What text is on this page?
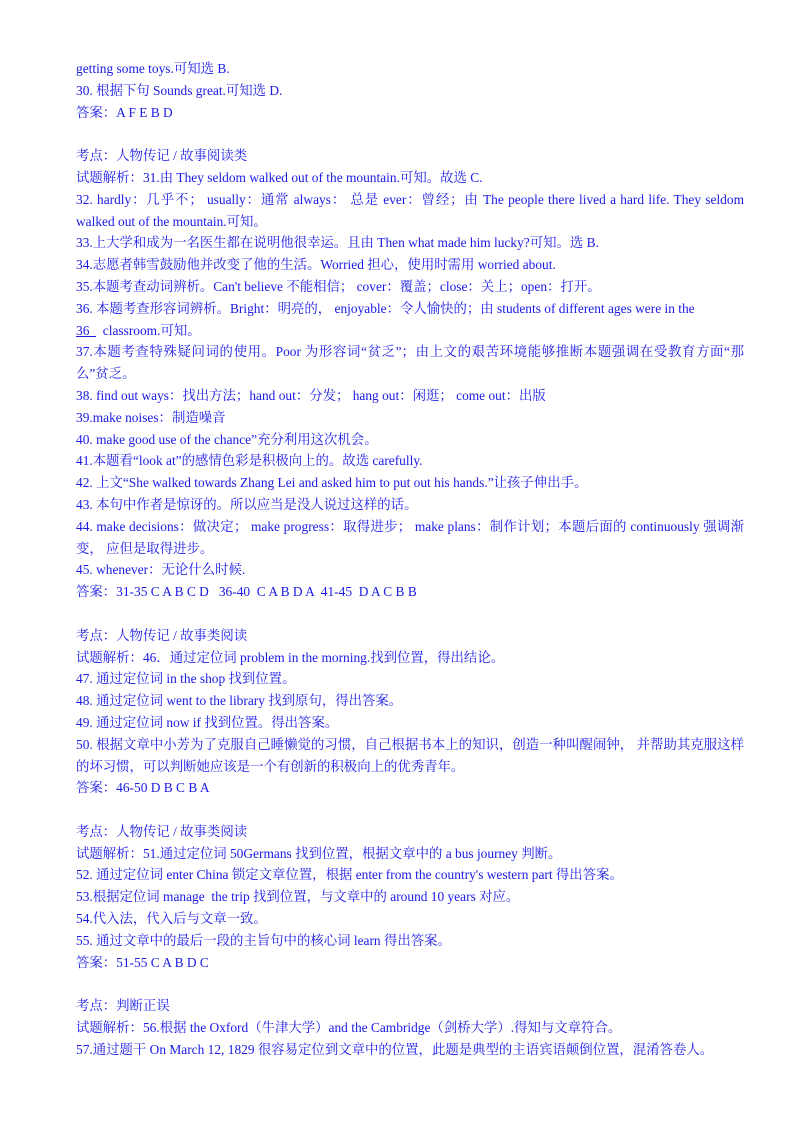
getting some toys.可知选 B.
30. 根据下句 Sounds great.可知选 D.
答案：A F E B D
考点：人物传记 / 故事阅读类
试题解析：31.由 They seldom walked out of the mountain.可知。故选 C.
32. hardly：几乎不； usually：通常 always： 总是 ever：曾经；由 The people there lived a hard life. They seldom walked out of the mountain.可知。
33.上大学和成为一名医生都在说明他很幸运。且由 Then what made him lucky?可知。选 B.
34.志愿者韩雪鼓励他并改变了他的生活。Worried 担心，使用时需用 worried about.
35.本题考查动词辨析。Can't believe 不能相信； cover：覆盖；close：关上；open：打开。
36. 本题考查形容词辨析。Bright：明亮的， enjoyable：令人愉快的；由 students of different ages were in the
36 classroom.可知。
37.本题考查特殊疑问词的使用。Poor 为形容词“贫乏”；由上文的艰苦环境能够推断本题强调在受教育方面“那么”贫乏。
38. find out ways：找出方法；hand out：分发； hang out：闲逛； come out：出版
39.make noises：制造噪音
40. make good use of the chance”充分利用这次机会。
41.本题看“look at”的感情色彩是积极向上的。故选 carefully.
42. 上文“She walked towards Zhang Lei and asked him to put out his hands.”让孩子伸出手。
43. 本句中作者是惊讶的。所以应当是没人说过这样的话。
44. make decisions：做决定； make progress：取得进步； make plans：制作计划；本题后面的 continuously 强调渐变， 应但是取得进步。
45. whenever：无论什么时候.
答案：31-35 C A B C D   36-40  C A B D A  41-45  D A C B B
考点：人物传记 / 故事类阅读
试题解析：46．通过定位词 problem in the morning.找到位置，得出结论。
47. 通过定位词 in the shop 找到位置。
48. 通过定位词 went to the library 找到原句，得出答案。
49. 通过定位词 now if 找到位置。得出答案。
50. 根据文章中小芳为了克服自己睡懒觉的习惯，自己根据书本上的知识，创造一种叫醒闹钟， 并帮助其克服这样的坏习惯，可以判断她应该是一个有创新的积极向上的优秀青年。
答案：46-50 D B C B A
考点：人物传记 / 故事类阅读
试题解析：51.通过定位词 50Germans 找到位置，根据文章中的 a bus journey 判断。
52. 通过定位词 enter China 锁定文章位置，根据 enter from the country's western part 得出答案。
53.根据定位词 manage  the trip 找到位置，与文章中的 around 10 years 对应。
54.代入法，代入后与文章一致。
55. 通过文章中的最后一段的主旨句中的核心词 learn 得出答案。
答案：51-55 C A B D C
考点：判断正误
试题解析：56.根据 the Oxford（牛津大学）and the Cambridge（剑桥大学）.得知与文章符合。
57.通过题干 On March 12, 1829 很容易定位到文章中的位置，此题是典型的主语宾语颠倒位置，混淆答卷人。
